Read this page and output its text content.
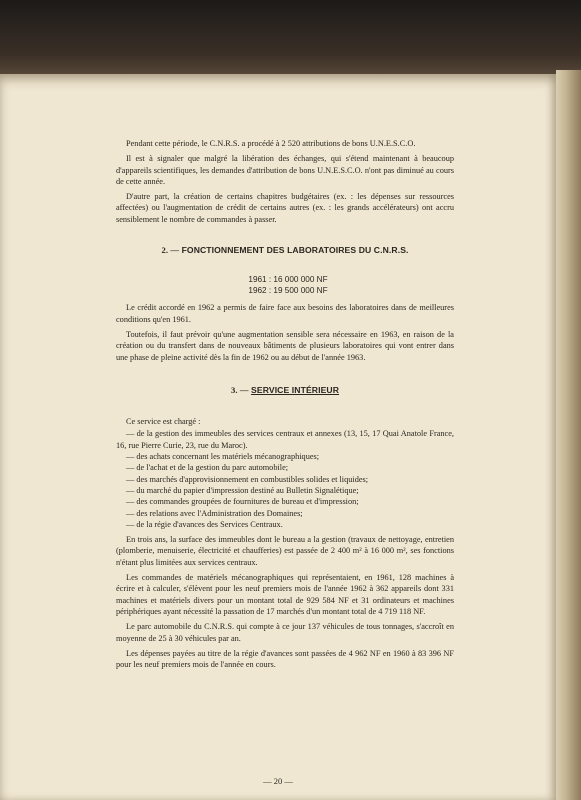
Pendant cette période, le C.N.R.S. a procédé à 2 520 attributions de bons U.N.E.S.C.O.

Il est à signaler que malgré la libération des échanges, qui s'étend maintenant à beaucoup d'appareils scientifiques, les demandes d'attribution de bons U.N.E.S.C.O. n'ont pas diminué au cours de cette année.

D'autre part, la création de certains chapitres budgétaires (ex. : les dépenses sur ressources affectées) ou l'augmentation de crédit de certains autres (ex. : les grands accélérateurs) ont accru sensiblement le nombre de commandes à passer.

2. — FONCTIONNEMENT DES LABORATOIRES DU C.N.R.S.
1961 : 16 000 000 NF
1962 : 19 500 000 NF

Le crédit accordé en 1962 a permis de faire face aux besoins des laboratoires dans de meilleures conditions qu'en 1961.

Toutefois, il faut prévoir qu'une augmentation sensible sera nécessaire en 1963, en raison de la création ou du transfert dans de nouveaux bâtiments de plusieurs laboratoires qui vont entrer dans une phase de pleine activité dès la fin de 1962 ou au début de l'année 1963.

3. — SERVICE INTÉRIEUR

Ce service est chargé :

— de la gestion des immeubles des services centraux et annexes (13, 15, 17 Quai Anatole France, 16, rue Pierre Curie, 23, rue du Maroc).
— des achats concernant les matériels mécanographiques;
— de l'achat et de la gestion du parc automobile;
— des marchés d'approvisionnement en combustibles solides et liquides;
— du marché du papier d'impression destiné au Bulletin Signalétique;
— des commandes groupées de fournitures de bureau et d'impression;
— des relations avec l'Administration des Domaines;
— de la régie d'avances des Services Centraux.

En trois ans, la surface des immeubles dont le bureau a la gestion (travaux de nettoyage, entretien (plomberie, menuiserie, électricité et chaufferies) est passée de 2 400 m² à 16 000 m², ses fonctions n'étant plus limitées aux services centraux.

Les commandes de matériels mécanographiques qui représentaient, en 1961, 128 machines à écrire et à calculer, s'élèvent pour les neuf premiers mois de l'année 1962 à 362 appareils dont 331 machines et matériels divers pour un montant total de 929 584 NF et 31 ordinateurs et machines périphériques ayant nécessité la passation de 17 marchés d'un montant total de 4 719 118 NF.

Le parc automobile du C.N.R.S. qui compte à ce jour 137 véhicules de tous tonnages, s'accroît en moyenne de 25 à 30 véhicules par an.

Les dépenses payées au titre de la régie d'avances sont passées de 4 962 NF en 1960 à 83 396 NF pour les neuf premiers mois de l'année en cours.

— 20 —
